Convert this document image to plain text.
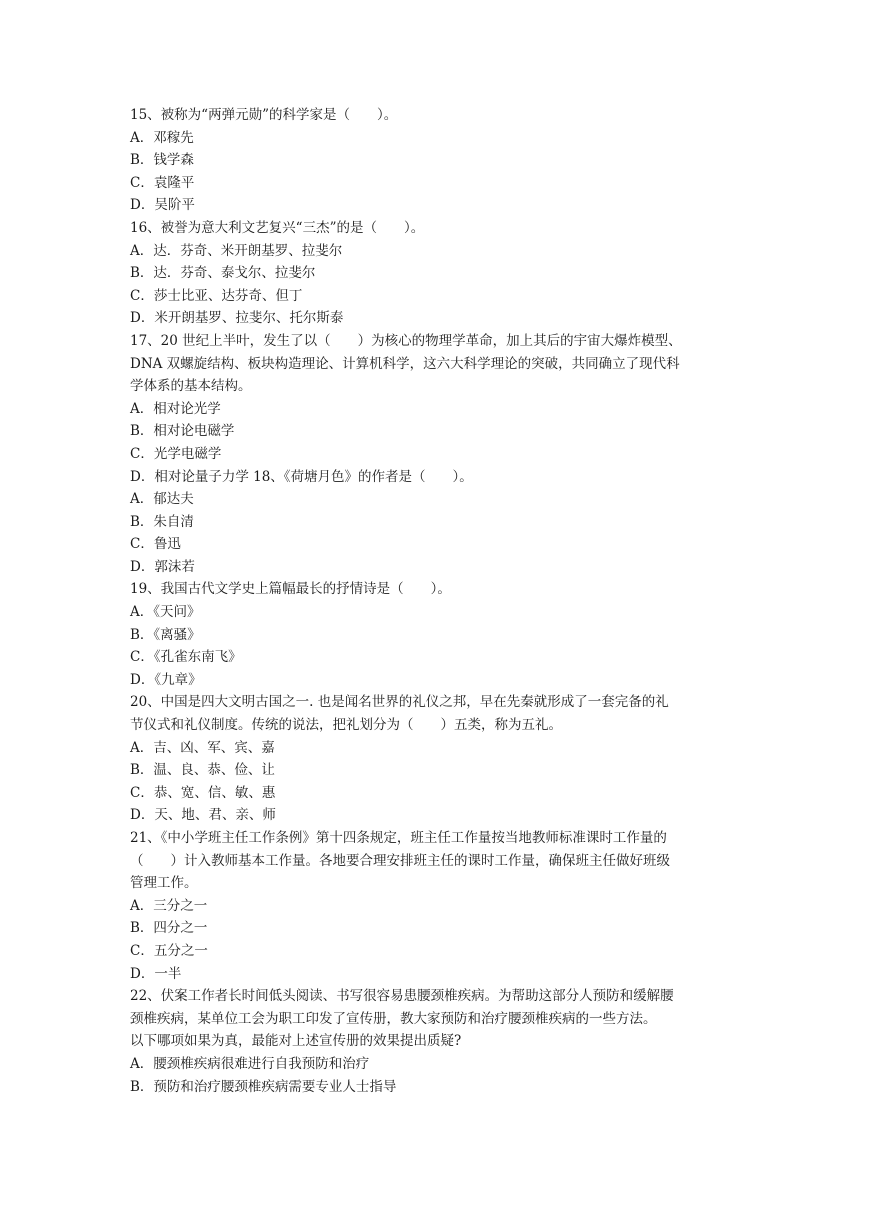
15、被称为“两弹元勋”的科学家是（　　）。
A．邓稼先
B．钱学森
C．袁隆平
D．吴阶平
16、被誉为意大利文艺复兴“三杰”的是（　　）。
A．达．芬奇、米开朗基罗、拉斐尔
B．达．芬奇、泰戈尔、拉斐尔
C．莎士比亚、达芬奇、但丁
D．米开朗基罗、拉斐尔、托尔斯泰
17、20 世纪上半叶，发生了以（　　）为核心的物理学革命，加上其后的宇宙大爆炸模型、
DNA 双螺旋结构、板块构造理论、计算机科学，这六大科学理论的突破，共同确立了现代科
学体系的基本结构。
A．相对论光学
B．相对论电磁学
C．光学电磁学
D．相对论量子力学 18、《荷塘月色》的作者是（　　）。
A．郁达夫
B．朱自清
C．鲁迅
D．郭沫若
19、我国古代文学史上篇幅最长的抒情诗是（　　）。
A．《天问》
B．《离骚》
C．《孔雀东南飞》
D．《九章》
20、中国是四大文明古国之一. 也是闻名世界的礼仪之邦，早在先秦就形成了一套完备的礼
节仪式和礼仪制度。传统的说法，把礼划分为（　　）五类，称为五礼。
A．吉、凶、军、宾、嘉
B．温、良、恭、俭、让
C．恭、宽、信、敏、惠
D．天、地、君、亲、师
21、《中小学班主任工作条例》第十四条规定，班主任工作量按当地教师标准课时工作量的
（　　）计入教师基本工作量。各地要合理安排班主任的课时工作量，确保班主任做好班级
管理工作。
A．三分之一
B．四分之一
C．五分之一
D．一半
22、伏案工作者长时间低头阅读、书写很容易患腰颈椎疾病。为帮助这部分人预防和缓解腰
颈椎疾病，某单位工会为职工印发了宣传册，教大家预防和治疗腰颈椎疾病的一些方法。
以下哪项如果为真，最能对上述宣传册的效果提出质疑?
A．腰颈椎疾病很难进行自我预防和治疗
B．预防和治疗腰颈椎疾病需要专业人士指导
